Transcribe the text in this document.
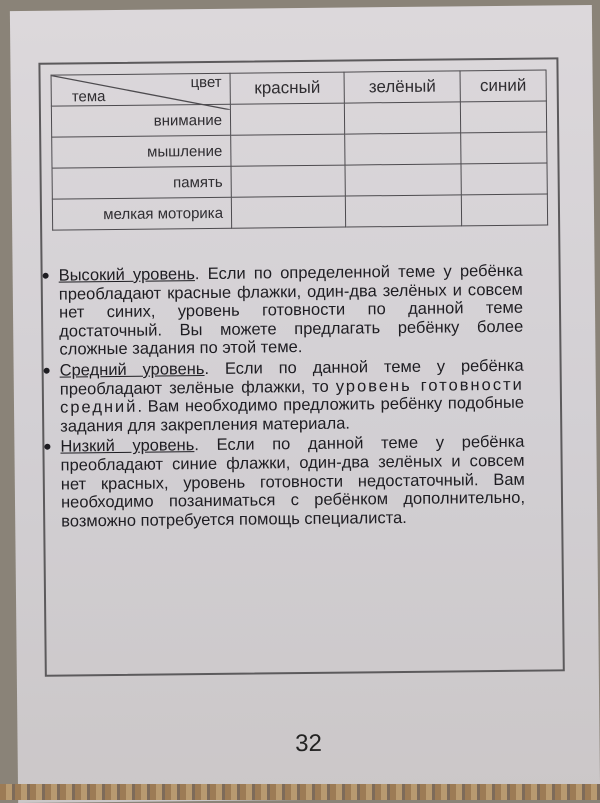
цвет
тема	красный	зелёный	синий
внимание			
мышление			
память			
мелкая моторика			
Высокий уровень. Если по определенной теме у ребёнка преобладают красные флажки, один-два зелёных и совсем нет синих, уровень готовности по данной теме достаточный. Вы можете предлагать ребёнку более сложные задания по этой теме.
Средний уровень. Если по данной теме у ребёнка преобладают зелёные флажки, то уровень готовности средний. Вам необходимо предложить ребёнку подобные задания для закрепления материала.
Низкий уровень. Если по данной теме у ребёнка преобладают синие флажки, один-два зелёных и совсем нет красных, уровень готовности недостаточный. Вам необходимо позаниматься с ребёнком дополнительно, возможно потребуется помощь специалиста.
32
